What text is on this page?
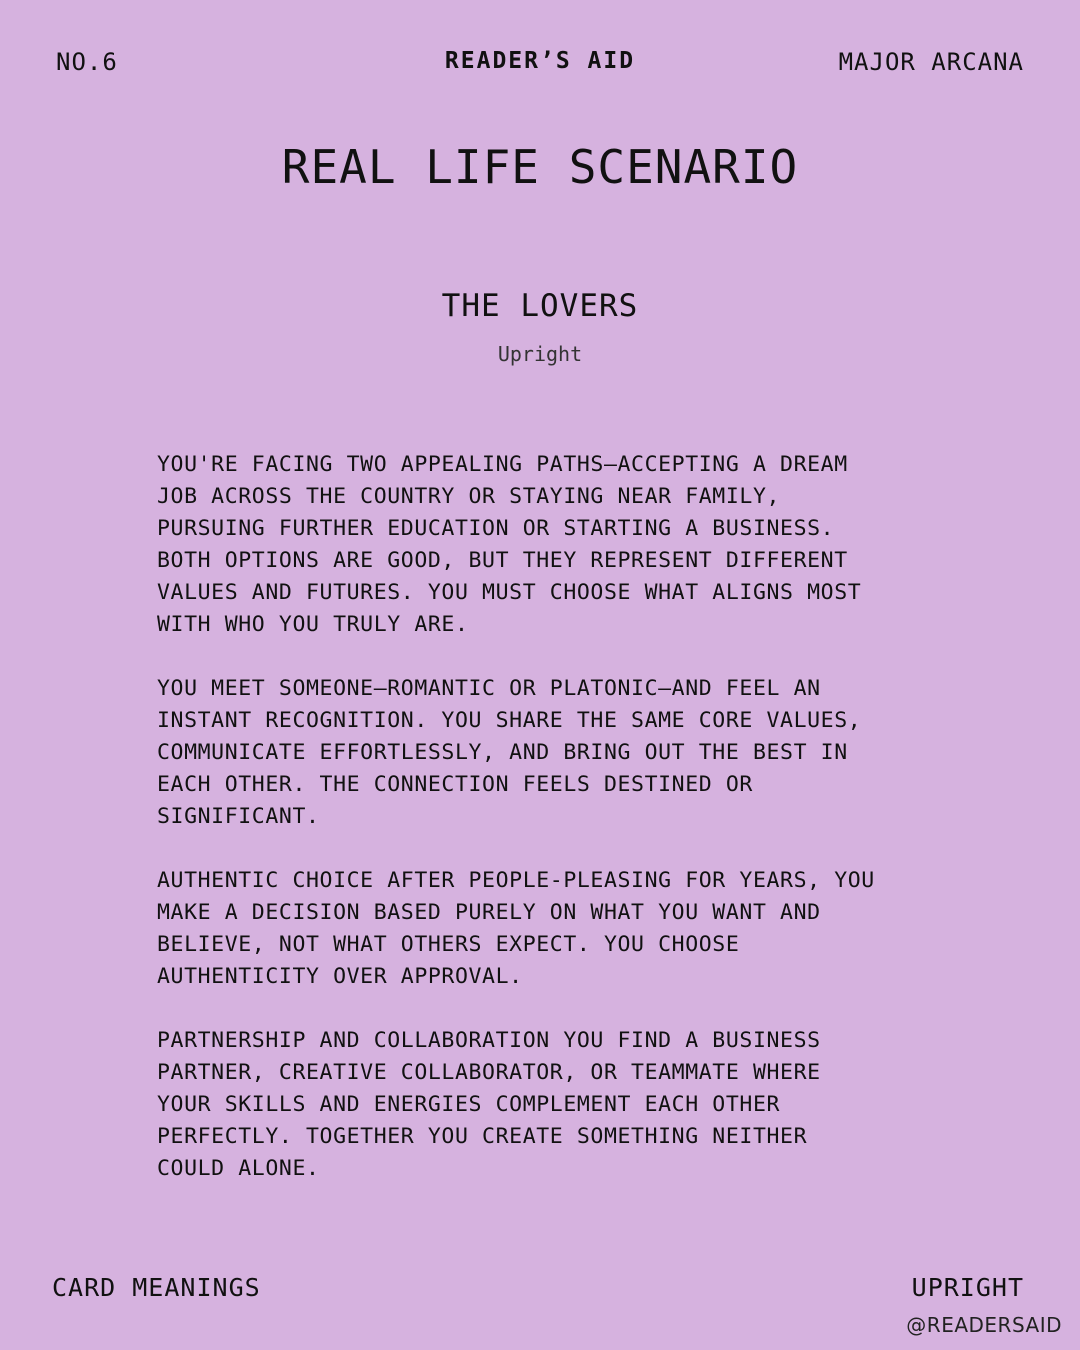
NO.6	READER’S AID	MAJOR ARCANA
REAL LIFE SCENARIO
THE LOVERS
Upright

YOU'RE FACING TWO APPEALING PATHS—ACCEPTING A DREAM
JOB ACROSS THE COUNTRY OR STAYING NEAR FAMILY,
PURSUING FURTHER EDUCATION OR STARTING A BUSINESS.
BOTH OPTIONS ARE GOOD, BUT THEY REPRESENT DIFFERENT
VALUES AND FUTURES. YOU MUST CHOOSE WHAT ALIGNS MOST
WITH WHO YOU TRULY ARE.

YOU MEET SOMEONE—ROMANTIC OR PLATONIC—AND FEEL AN
INSTANT RECOGNITION. YOU SHARE THE SAME CORE VALUES,
COMMUNICATE EFFORTLESSLY, AND BRING OUT THE BEST IN
EACH OTHER. THE CONNECTION FEELS DESTINED OR
SIGNIFICANT.

AUTHENTIC CHOICE AFTER PEOPLE-PLEASING FOR YEARS, YOU
MAKE A DECISION BASED PURELY ON WHAT YOU WANT AND
BELIEVE, NOT WHAT OTHERS EXPECT. YOU CHOOSE
AUTHENTICITY OVER APPROVAL.

PARTNERSHIP AND COLLABORATION YOU FIND A BUSINESS
PARTNER, CREATIVE COLLABORATOR, OR TEAMMATE WHERE
YOUR SKILLS AND ENERGIES COMPLEMENT EACH OTHER
PERFECTLY. TOGETHER YOU CREATE SOMETHING NEITHER
COULD ALONE.

CARD MEANINGS	UPRIGHT
@READERSAID
